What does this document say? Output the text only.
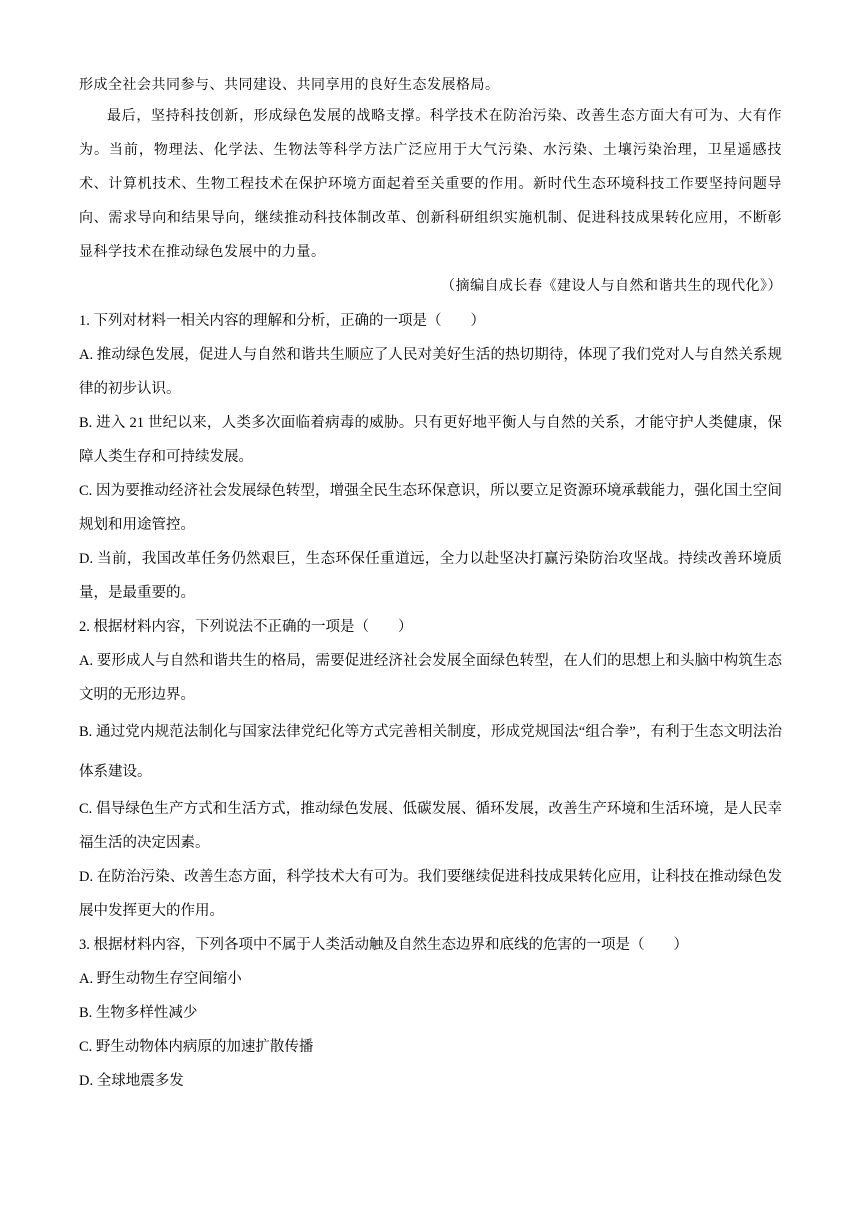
形成全社会共同参与、共同建设、共同享用的良好生态发展格局。

最后，坚持科技创新，形成绿色发展的战略支撑。科学技术在防治污染、改善生态方面大有可为、大有作为。当前，物理法、化学法、生物法等科学方法广泛应用于大气污染、水污染、土壤污染治理，卫星遥感技术、计算机技术、生物工程技术在保护环境方面起着至关重要的作用。新时代生态环境科技工作要坚持问题导向、需求导向和结果导向，继续推动科技体制改革、创新科研组织实施机制、促进科技成果转化应用，不断彰显科学技术在推动绿色发展中的力量。

（摘编自成长春《建设人与自然和谐共生的现代化》）

1. 下列对材料一相关内容的理解和分析，正确的一项是（　　）

A. 推动绿色发展，促进人与自然和谐共生顺应了人民对美好生活的热切期待，体现了我们党对人与自然关系规律的初步认识。

B. 进入 21 世纪以来，人类多次面临着病毒的威胁。只有更好地平衡人与自然的关系，才能守护人类健康，保障人类生存和可持续发展。

C. 因为要推动经济社会发展绿色转型，增强全民生态环保意识，所以要立足资源环境承载能力，强化国土空间规划和用途管控。

D. 当前，我国改革任务仍然艰巨，生态环保任重道远，全力以赴坚决打赢污染防治攻坚战。持续改善环境质量，是最重要的。

2. 根据材料内容，下列说法不正确的一项是（　　）

A. 要形成人与自然和谐共生的格局，需要促进经济社会发展全面绿色转型，在人们的思想上和头脑中构筑生态文明的无形边界。

B. 通过党内规范法制化与国家法律党纪化等方式完善相关制度，形成党规国法“组合拳”，有利于生态文明法治体系建设。

C. 倡导绿色生产方式和生活方式，推动绿色发展、低碳发展、循环发展，改善生产环境和生活环境，是人民幸福生活的决定因素。

D. 在防治污染、改善生态方面，科学技术大有可为。我们要继续促进科技成果转化应用，让科技在推动绿色发展中发挥更大的作用。

3. 根据材料内容，下列各项中不属于人类活动触及自然生态边界和底线的危害的一项是（　　）

A. 野生动物生存空间缩小

B. 生物多样性减少

C. 野生动物体内病原的加速扩散传播

D. 全球地震多发
